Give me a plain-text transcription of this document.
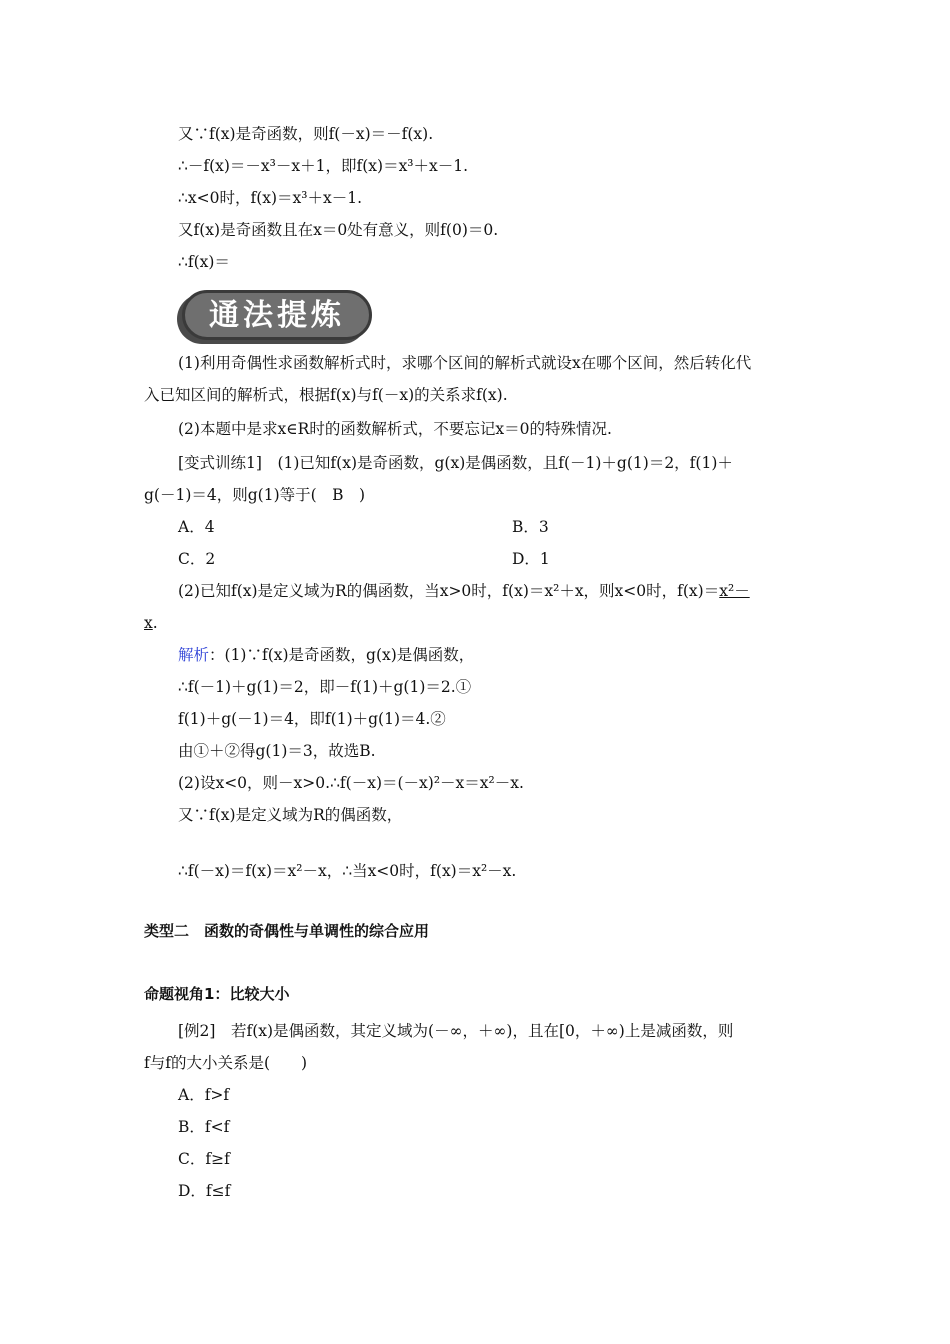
又∵f(x)是奇函数，则f(－x)＝－f(x).
∴－f(x)＝－x³－x＋1，即f(x)＝x³＋x－1.
∴x<0时，f(x)＝x³＋x－1.
又f(x)是奇函数且在x＝0处有意义，则f(0)＝0.
∴f(x)＝
通法提炼
(1)利用奇偶性求函数解析式时，求哪个区间的解析式就设x在哪个区间，然后转化代
入已知区间的解析式，根据f(x)与f(－x)的关系求f(x).
(2)本题中是求x∈R时的函数解析式，不要忘记x＝0的特殊情况.
[变式训练1]　(1)已知f(x)是奇函数，g(x)是偶函数，且f(－1)＋g(1)＝2，f(1)＋
g(－1)＝4，则g(1)等于(　B　)
A．4	B．3
C．2	D．1
(2)已知f(x)是定义域为R的偶函数，当x>0时，f(x)＝x²＋x，则x<0时，f(x)＝x²－
x.
解析：(1)∵f(x)是奇函数，g(x)是偶函数，
∴f(－1)＋g(1)＝2，即－f(1)＋g(1)＝2.①
f(1)＋g(－1)＝4，即f(1)＋g(1)＝4.②
由①＋②得g(1)＝3，故选B.
(2)设x<0，则－x>0.∴f(－x)＝(－x)²－x＝x²－x.
又∵f(x)是定义域为R的偶函数，
∴f(－x)＝f(x)＝x²－x，∴当x<0时，f(x)＝x²－x.
类型二　函数的奇偶性与单调性的综合应用
命题视角1：比较大小
[例2]　若f(x)是偶函数，其定义域为(－∞，＋∞)，且在[0，＋∞)上是减函数，则
f与f的大小关系是(　　)
A．f>f
B．f<f
C．f≥f
D．f≤f
